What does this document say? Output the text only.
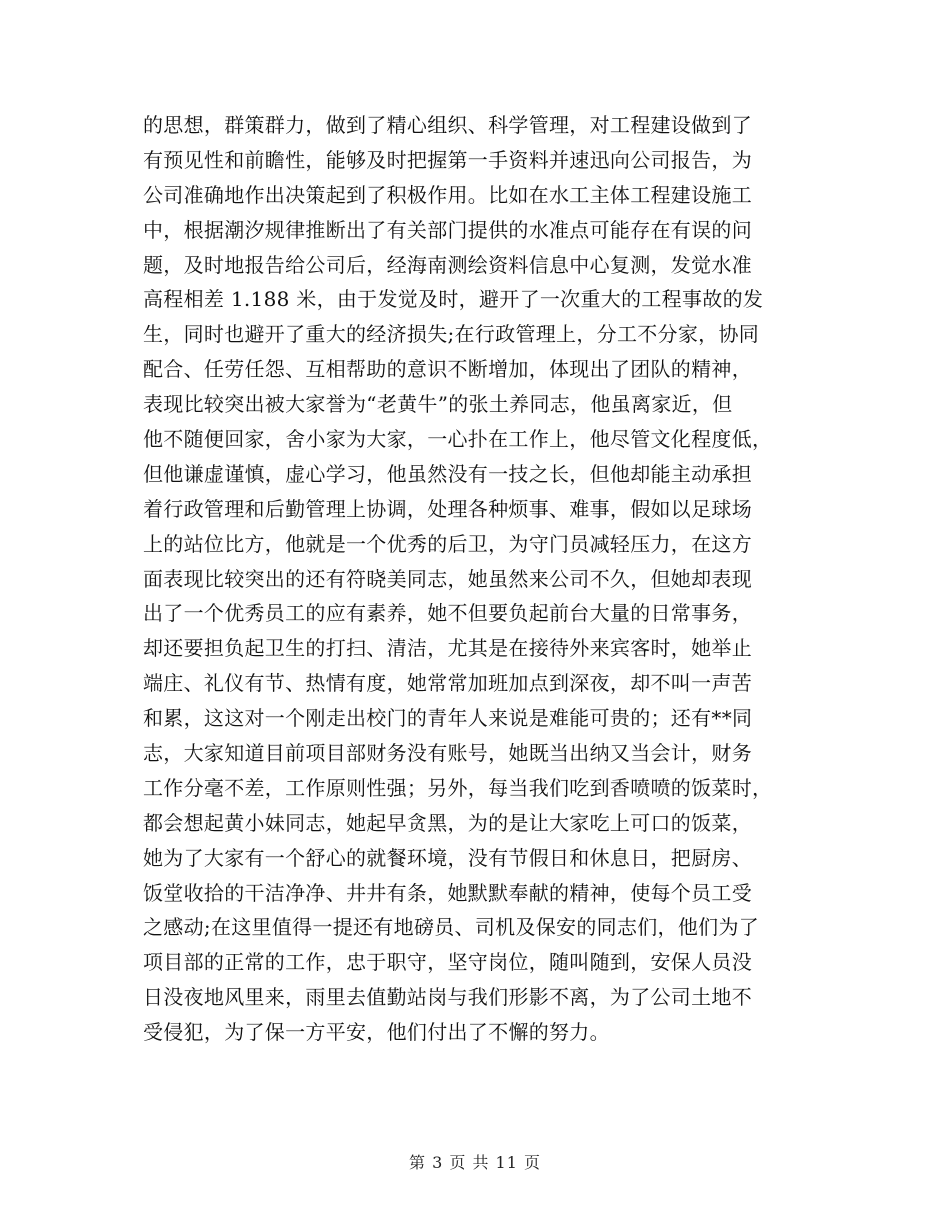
的思想，群策群力，做到了精心组织、科学管理，对工程建设做到了
有预见性和前瞻性，能够及时把握第一手资料并速迅向公司报告，为
公司准确地作出决策起到了积极作用。比如在水工主体工程建设施工
中，根据潮汐规律推断出了有关部门提供的水准点可能存在有误的问
题，及时地报告给公司后，经海南测绘资料信息中心复测，发觉水准
高程相差 1.188 米，由于发觉及时，避开了一次重大的工程事故的发
生，同时也避开了重大的经济损失;在行政管理上，分工不分家，协同
配合、任劳任怨、互相帮助的意识不断增加，体现出了团队的精神，
表现比较突出被大家誉为“老黄牛”的张土养同志，他虽离家近，但
他不随便回家，舍小家为大家，一心扑在工作上，他尽管文化程度低，
但他谦虚谨慎，虚心学习，他虽然没有一技之长，但他却能主动承担
着行政管理和后勤管理上协调，处理各种烦事、难事，假如以足球场
上的站位比方，他就是一个优秀的后卫，为守门员减轻压力，在这方
面表现比较突出的还有符晓美同志，她虽然来公司不久，但她却表现
出了一个优秀员工的应有素养，她不但要负起前台大量的日常事务，
却还要担负起卫生的打扫、清洁，尤其是在接待外来宾客时，她举止
端庄、礼仪有节、热情有度，她常常加班加点到深夜，却不叫一声苦
和累，这这对一个刚走出校门的青年人来说是难能可贵的；还有**同
志，大家知道目前项目部财务没有账号，她既当出纳又当会计，财务
工作分毫不差，工作原则性强；另外，每当我们吃到香喷喷的饭菜时，
都会想起黄小妹同志，她起早贪黑，为的是让大家吃上可口的饭菜，
她为了大家有一个舒心的就餐环境，没有节假日和休息日，把厨房、
饭堂收拾的干洁净净、井井有条，她默默奉献的精神，使每个员工受
之感动;在这里值得一提还有地磅员、司机及保安的同志们，他们为了
项目部的正常的工作，忠于职守，坚守岗位，随叫随到，安保人员没
日没夜地风里来，雨里去值勤站岗与我们形影不离，为了公司土地不
受侵犯，为了保一方平安，他们付出了不懈的努力。
第 3 页 共 11 页
